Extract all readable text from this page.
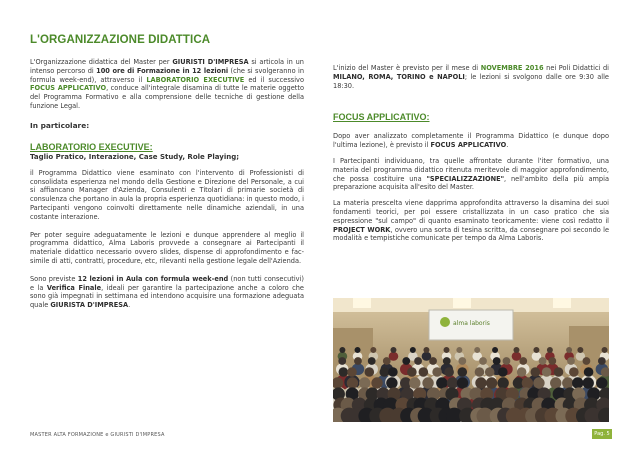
L'ORGANIZZAZIONE DIDATTICA

L'Organizzazione didattica del Master per GIURISTI D'IMPRESA si articola in un intenso percorso di 100 ore di Formazione in 12 lezioni (che si svolgeranno in formula week-end), attraverso il LABORATORIO EXECUTIVE ed il successivo FOCUS APPLICATIVO, conduce all'integrale disamina di tutte le materie oggetto del Programma Formativo e alla comprensione delle tecniche di gestione della funzione Legal.

In particolare:
LABORATORIO EXECUTIVE:
Taglio Pratico, Interazione, Case Study, Role Playing;

il Programma Didattico viene esaminato con l'intervento di Professionisti di consolidata esperienza nel mondo della Gestione e Direzione del Personale, a cui si affiancano Manager d'Azienda, Consulenti e Titolari di primarie società di consulenza che portano in aula la propria esperienza quotidiana: in questo modo, i Partecipanti vengono coinvolti direttamente nelle dinamiche aziendali, in una costante interazione.

Per poter seguire adeguatamente le lezioni e dunque apprendere al meglio il programma didattico, Alma Laboris provvede a consegnare ai Partecipanti il materiale didattico necessario ovvero slides, dispense di approfondimento e fac-simile di atti, contratti, procedure, etc, rilevanti nella gestione legale dell'Azienda.

Sono previste 12 lezioni in Aula con formula week-end (non tutti consecutivi) e la Verifica Finale, ideali per garantire la partecipazione anche a coloro che sono già impegnati in settimana ed intendono acquisire una formazione adeguata quale GIURISTA D'IMPRESA.

L'inizio del Master è previsto per il mese di NOVEMBRE 2016 nei Poli Didattici di MILANO, ROMA, TORINO e NAPOLI; le lezioni si svolgono dalle ore 9:30 alle 18:30.

FOCUS APPLICATIVO:

Dopo aver analizzato completamente il Programma Didattico (e dunque dopo l'ultima lezione), è previsto il FOCUS APPLICATIVO.

I Partecipanti individuano, tra quelle affrontate durante l'iter formativo, una materia del programma didattico ritenuta meritevole di maggior approfondimento, che possa costituire una "SPECIALIZZAZIONE", nell'ambito della più ampia preparazione acquisita all'esito del Master.

La materia prescelta viene dapprima approfondita attraverso la disamina dei suoi fondamenti teorici, per poi essere cristallizzata in un caso pratico che sia espressione "sul campo" di quanto esaminato teoricamente: viene così redatto il PROJECT WORK, ovvero una sorta di tesina scritta, da consegnare poi secondo le modalità e tempistiche comunicate per tempo da Alma Laboris.

alma laboris
MASTER ALTA FORMAZIONE e GIURISTI D'IMPRESA	Pag. 5
